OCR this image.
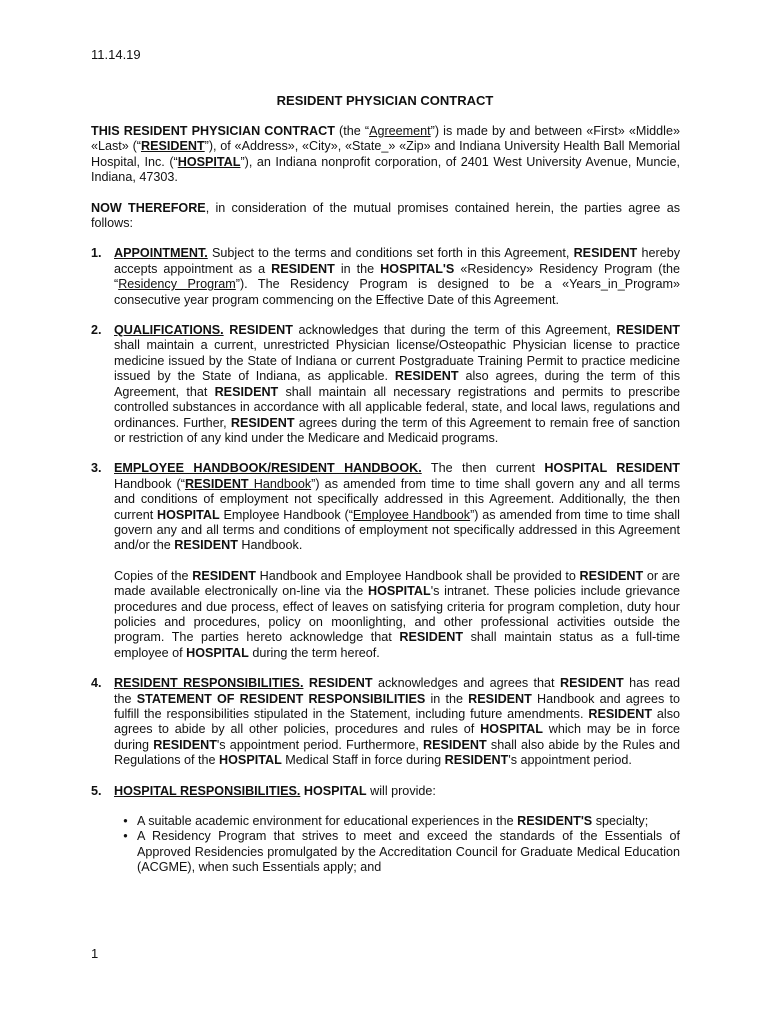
11.14.19
RESIDENT PHYSICIAN CONTRACT

THIS RESIDENT PHYSICIAN CONTRACT (the “Agreement”) is made by and between «First» «Middle» «Last» (“RESIDENT”), of «Address», «City», «State_» «Zip» and Indiana University Health Ball Memorial Hospital, Inc. (“HOSPITAL”), an Indiana nonprofit corporation, of 2401 West University Avenue, Muncie, Indiana, 47303.

NOW THEREFORE, in consideration of the mutual promises contained herein, the parties agree as follows:

1. APPOINTMENT. Subject to the terms and conditions set forth in this Agreement, RESIDENT hereby accepts appointment as a RESIDENT in the HOSPITAL'S «Residency» Residency Program (the “Residency Program”). The Residency Program is designed to be a «Years_in_Program» consecutive year program commencing on the Effective Date of this Agreement.

2. QUALIFICATIONS. RESIDENT acknowledges that during the term of this Agreement, RESIDENT shall maintain a current, unrestricted Physician license/Osteopathic Physician license to practice medicine issued by the State of Indiana or current Postgraduate Training Permit to practice medicine issued by the State of Indiana, as applicable. RESIDENT also agrees, during the term of this Agreement, that RESIDENT shall maintain all necessary registrations and permits to prescribe controlled substances in accordance with all applicable federal, state, and local laws, regulations and ordinances. Further, RESIDENT agrees during the term of this Agreement to remain free of sanction or restriction of any kind under the Medicare and Medicaid programs.

3. EMPLOYEE HANDBOOK/RESIDENT HANDBOOK. The then current HOSPITAL RESIDENT Handbook (“RESIDENT Handbook”) as amended from time to time shall govern any and all terms and conditions of employment not specifically addressed in this Agreement. Additionally, the then current HOSPITAL Employee Handbook (“Employee Handbook”) as amended from time to time shall govern any and all terms and conditions of employment not specifically addressed in this Agreement and/or the RESIDENT Handbook.

Copies of the RESIDENT Handbook and Employee Handbook shall be provided to RESIDENT or are made available electronically on-line via the HOSPITAL's intranet. These policies include grievance procedures and due process, effect of leaves on satisfying criteria for program completion, duty hour policies and procedures, policy on moonlighting, and other professional activities outside the program. The parties hereto acknowledge that RESIDENT shall maintain status as a full-time employee of HOSPITAL during the term hereof.

4. RESIDENT RESPONSIBILITIES. RESIDENT acknowledges and agrees that RESIDENT has read the STATEMENT OF RESIDENT RESPONSIBILITIES in the RESIDENT Handbook and agrees to fulfill the responsibilities stipulated in the Statement, including future amendments. RESIDENT also agrees to abide by all other policies, procedures and rules of HOSPITAL which may be in force during RESIDENT's appointment period. Furthermore, RESIDENT shall also abide by the Rules and Regulations of the HOSPITAL Medical Staff in force during RESIDENT's appointment period.

5. HOSPITAL RESPONSIBILITIES. HOSPITAL will provide:

• A suitable academic environment for educational experiences in the RESIDENT'S specialty;
• A Residency Program that strives to meet and exceed the standards of the Essentials of Approved Residencies promulgated by the Accreditation Council for Graduate Medical Education (ACGME), when such Essentials apply; and
1
